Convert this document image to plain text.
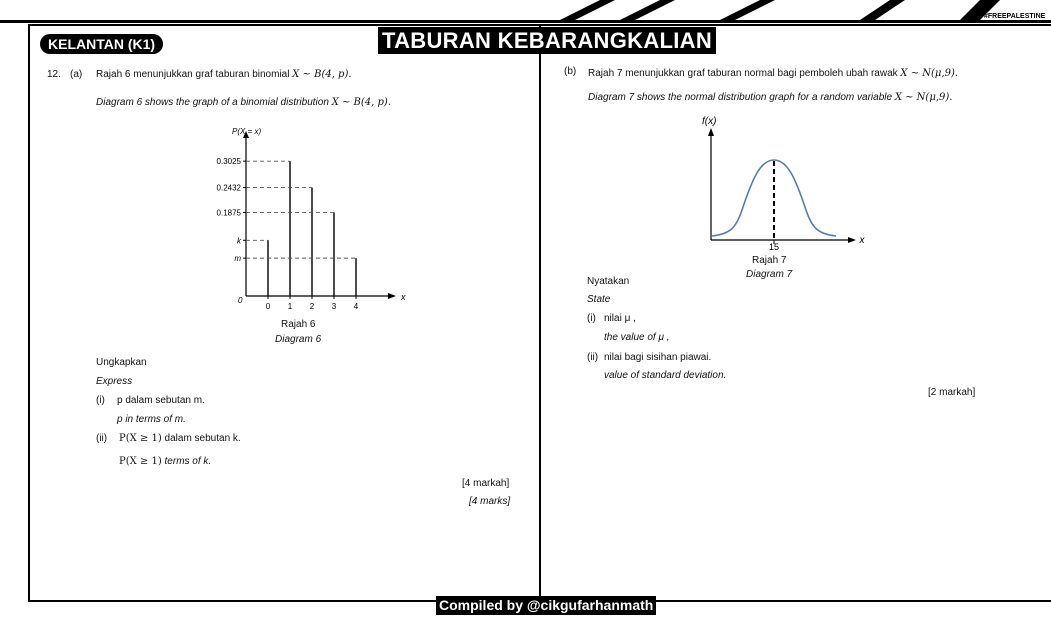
#FREEPALESTINE
TABURAN KEBARANGKALIAN
KELANTAN (K1)
12. (a) Rajah 6 menunjukkan graf taburan binomial X ~ B(4, p).
Diagram 6 shows the graph of a binomial distribution X ~ B(4, p).
x
P(X = x)
0
k
0
0.3025
1
0.2432
2
0.1875
3
m
4
Rajah 6
Diagram 6
Ungkapkan
Express
(i) p dalam sebutan m.
p in terms of m.
(ii) P(X ≥ 1) dalam sebutan k.
P(X ≥ 1) terms of k.
[4 markah]
[4 marks]
(b) Rajah 7 menunjukkan graf taburan normal bagi pemboleh ubah rawak X ~ N(μ,9).
Diagram 7 shows the normal distribution graph for a random variable X ~ N(μ,9).
15
x
f(x)
Rajah 7
Diagram 7
Nyatakan
State
(i) nilai μ ,
the value of μ ,
(ii) nilai bagi sisihan piawai.
value of standard deviation.
[2 markah]
Compiled by @cikgufarhanmath
